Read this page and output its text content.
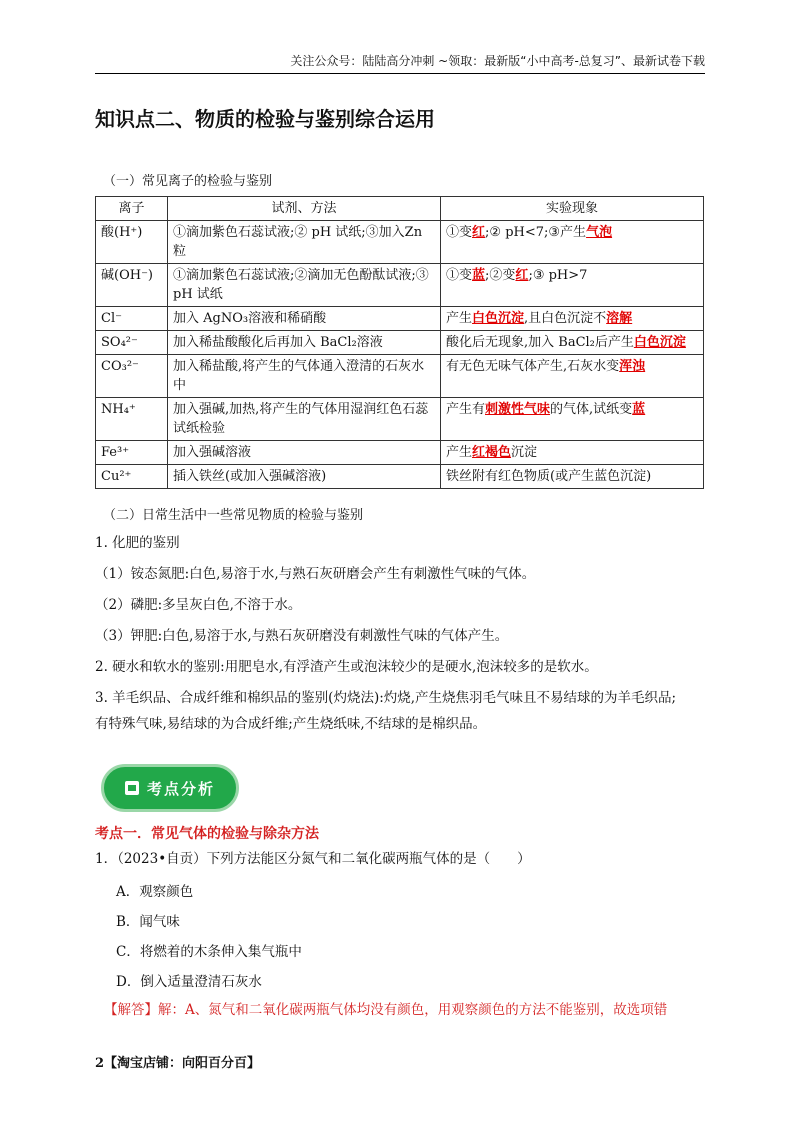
关注公众号：陆陆高分冲刺 ~领取：最新版“小中高考-总复习”、最新试卷下载
知识点二、物质的检验与鉴别综合运用
（一）常见离子的检验与鉴别
离子	试剂、方法	实验现象
酸(H⁺)	①滴加紫色石蕊试液;② pH 试纸;③加入Zn 粒	①变红;② pH<7;③产生气泡
碱(OH⁻)	①滴加紫色石蕊试液;②滴加无色酚酞试液;③ pH 试纸	①变蓝;②变红;③ pH>7
Cl⁻	加入 AgNO₃溶液和稀硝酸	产生白色沉淀,且白色沉淀不溶解
SO₄²⁻	加入稀盐酸酸化后再加入 BaCl₂溶液	酸化后无现象,加入 BaCl₂后产生白色沉淀
CO₃²⁻	加入稀盐酸,将产生的气体通入澄清的石灰水中	有无色无味气体产生,石灰水变浑浊
NH₄⁺	加入强碱,加热,将产生的气体用湿润红色石蕊试纸检验	产生有刺激性气味的气体,试纸变蓝
Fe³⁺	加入强碱溶液	产生红褐色沉淀
Cu²⁺	插入铁丝(或加入强碱溶液)	铁丝附有红色物质(或产生蓝色沉淀)
（二）日常生活中一些常见物质的检验与鉴别
1. 化肥的鉴别
（1）铵态氮肥:白色,易溶于水,与熟石灰研磨会产生有刺激性气味的气体。
（2）磷肥:多呈灰白色,不溶于水。
（3）钾肥:白色,易溶于水,与熟石灰研磨没有刺激性气味的气体产生。
2. 硬水和软水的鉴别:用肥皂水,有浮渣产生或泡沫较少的是硬水,泡沫较多的是软水。
3. 羊毛织品、合成纤维和棉织品的鉴别(灼烧法):灼烧,产生烧焦羽毛气味且不易结球的为羊毛织品;
有特殊气味,易结球的为合成纤维;产生烧纸味,不结球的是棉织品。
考点分析
考点一．常见气体的检验与除杂方法
1．（2023•自贡）下列方法能区分氮气和二氧化碳两瓶气体的是（　　）
A．观察颜色
B．闻气味
C．将燃着的木条伸入集气瓶中
D．倒入适量澄清石灰水
【解答】解：A、氮气和二氧化碳两瓶气体均没有颜色，用观察颜色的方法不能鉴别，故选项错
2【淘宝店铺：向阳百分百】
